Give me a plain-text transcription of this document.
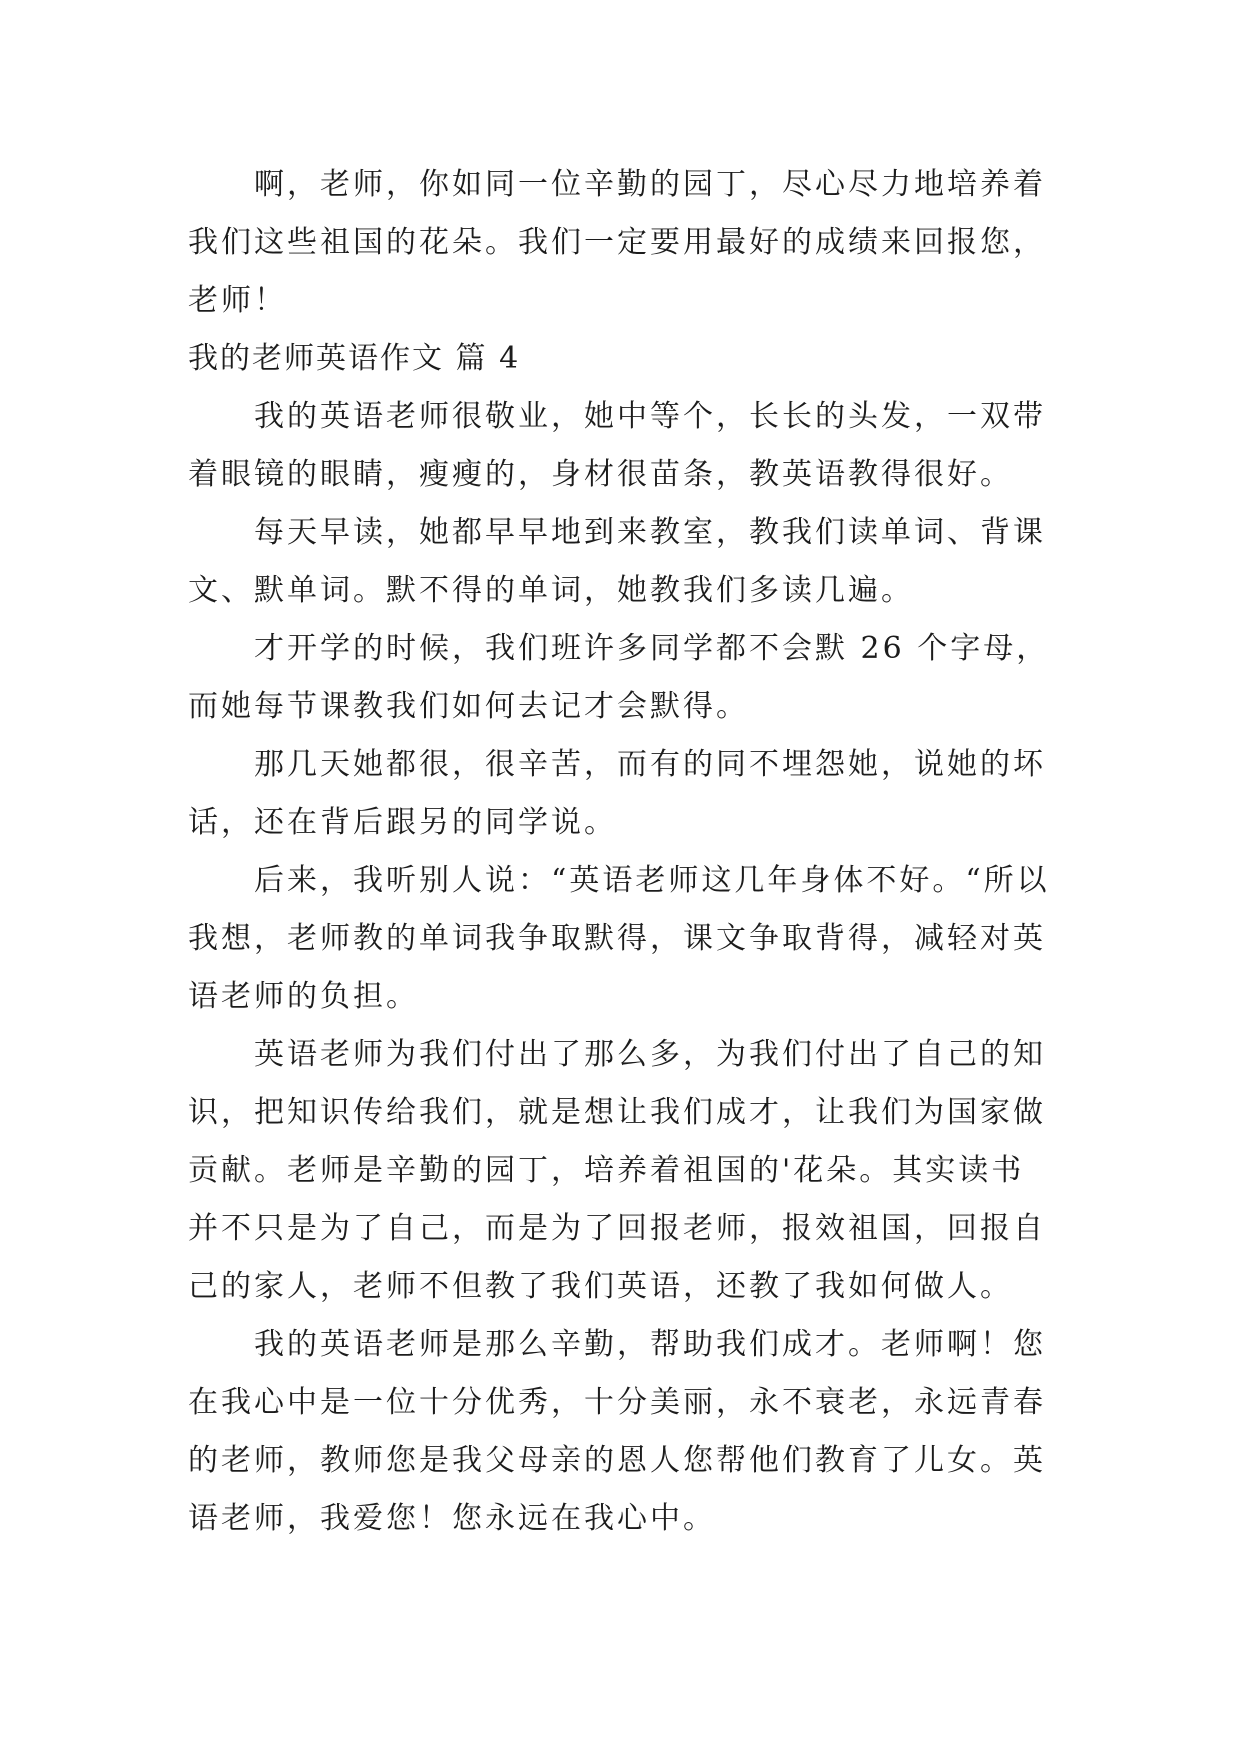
啊，老师，你如同一位辛勤的园丁，尽心尽力地培养着
我们这些祖国的花朵。我们一定要用最好的成绩来回报您，
老师！
我的老师英语作文 篇 4
我的英语老师很敬业，她中等个，长长的头发，一双带
着眼镜的眼睛，瘦瘦的，身材很苗条，教英语教得很好。
每天早读，她都早早地到来教室，教我们读单词、背课
文、默单词。默不得的单词，她教我们多读几遍。
才开学的时候，我们班许多同学都不会默 26 个字母，
而她每节课教我们如何去记才会默得。
那几天她都很，很辛苦，而有的同不埋怨她，说她的坏
话，还在背后跟另的同学说。
后来，我听别人说：“英语老师这几年身体不好。“所以
我想，老师教的单词我争取默得，课文争取背得，减轻对英
语老师的负担。
英语老师为我们付出了那么多，为我们付出了自己的知
识，把知识传给我们，就是想让我们成才，让我们为国家做
贡献。老师是辛勤的园丁，培养着祖国的'花朵。其实读书
并不只是为了自己，而是为了回报老师，报效祖国，回报自
己的家人，老师不但教了我们英语，还教了我如何做人。
我的英语老师是那么辛勤，帮助我们成才。老师啊！您
在我心中是一位十分优秀，十分美丽，永不衰老，永远青春
的老师，教师您是我父母亲的恩人您帮他们教育了儿女。英
语老师，我爱您！您永远在我心中。
